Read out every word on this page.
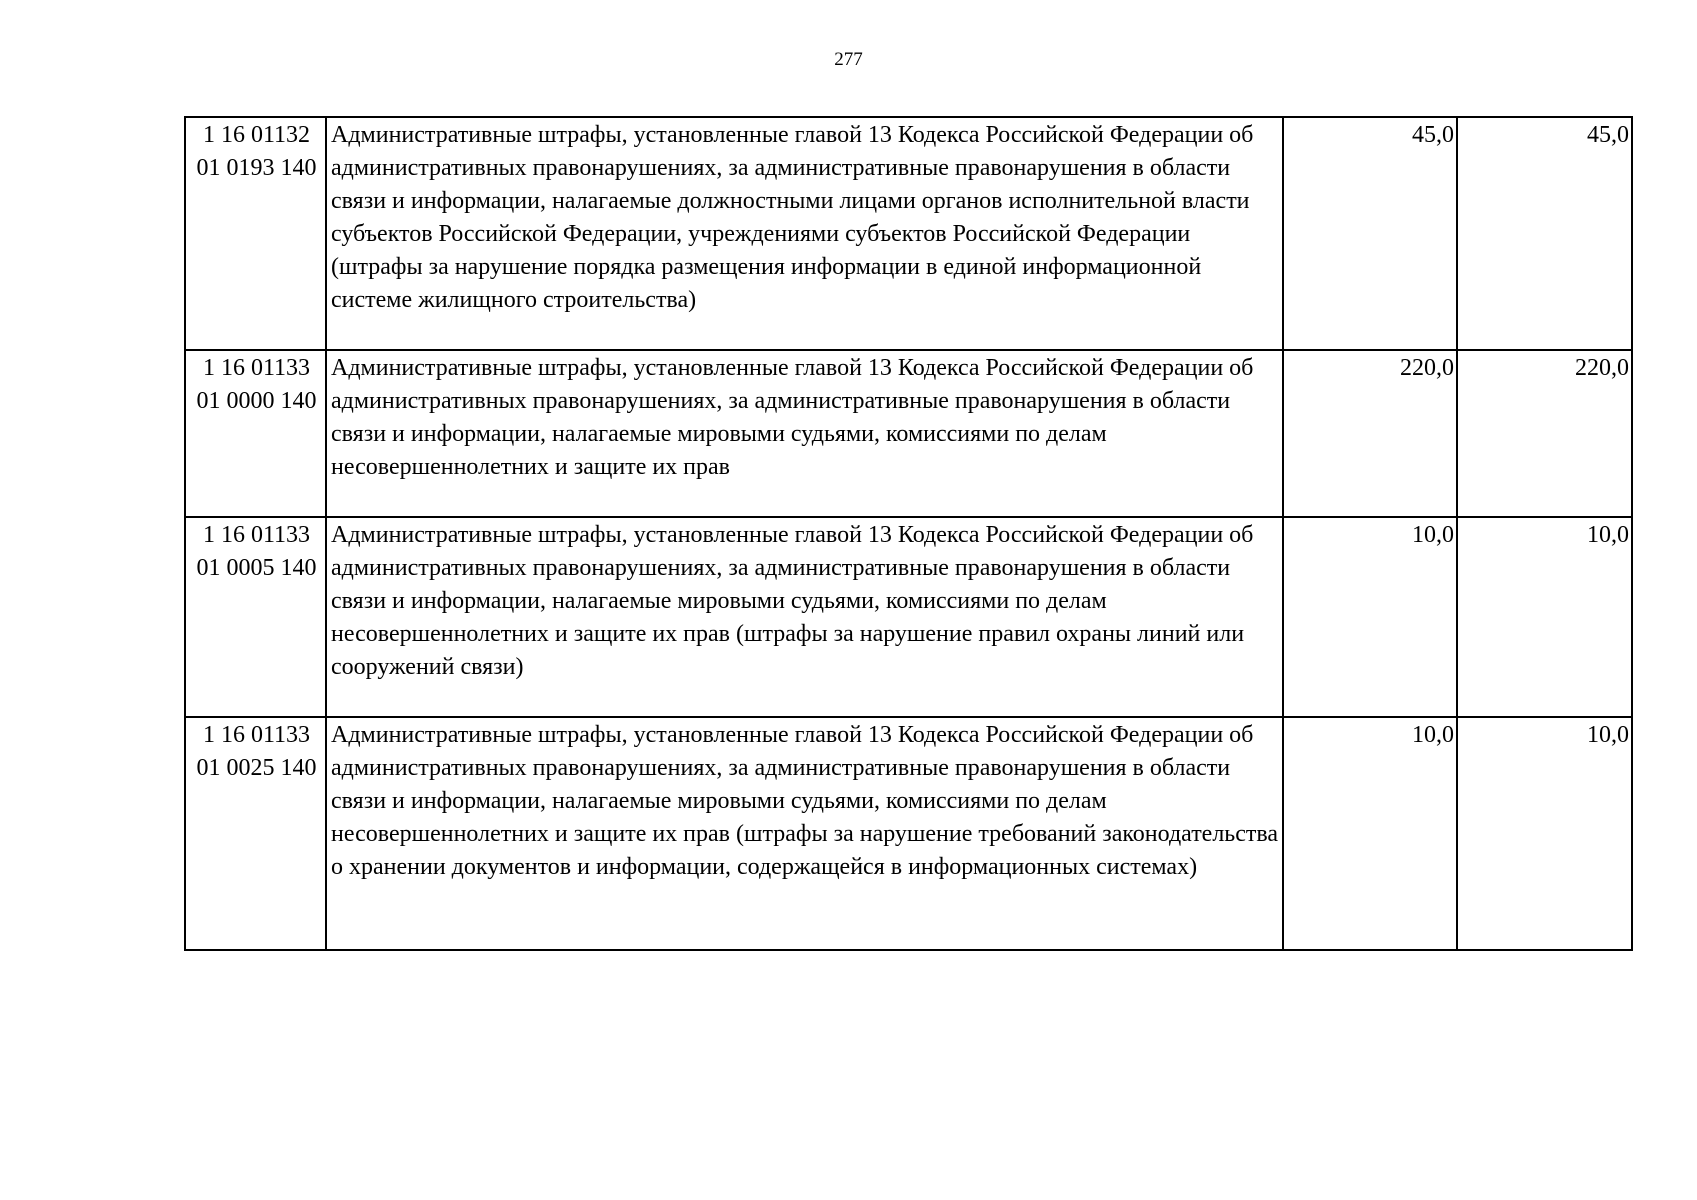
277
1 16 01132
01 0193 140	Административные штрафы, установленные главой 13 Кодекса Российской Федерации об административных правонарушениях, за административные правонарушения в области связи и информации, налагаемые должностными лицами органов исполнительной власти субъектов Российской Федерации, учреждениями субъектов Российской Федерации (штрафы за нарушение порядка размещения информации в единой информационной системе жилищного строительства)	45,0	45,0
1 16 01133
01 0000 140	Административные штрафы, установленные главой 13 Кодекса Российской Федерации об административных правонарушениях, за административные правонарушения в области связи и информации, налагаемые мировыми судьями, комиссиями по делам несовершеннолетних и защите их прав	220,0	220,0
1 16 01133
01 0005 140	Административные штрафы, установленные главой 13 Кодекса Российской Федерации об административных правонарушениях, за административные правонарушения в области связи и информации, налагаемые мировыми судьями, комиссиями по делам несовершеннолетних и защите их прав (штрафы за нарушение правил охраны линий или сооружений связи)	10,0	10,0
1 16 01133
01 0025 140	Административные штрафы, установленные главой 13 Кодекса Российской Федерации об административных правонарушениях, за административные правонарушения в области связи и информации, налагаемые мировыми судьями, комиссиями по делам несовершеннолетних и защите их прав (штрафы за нарушение требований законодательства о хранении документов и информации, содержащейся в информационных системах)	10,0	10,0
